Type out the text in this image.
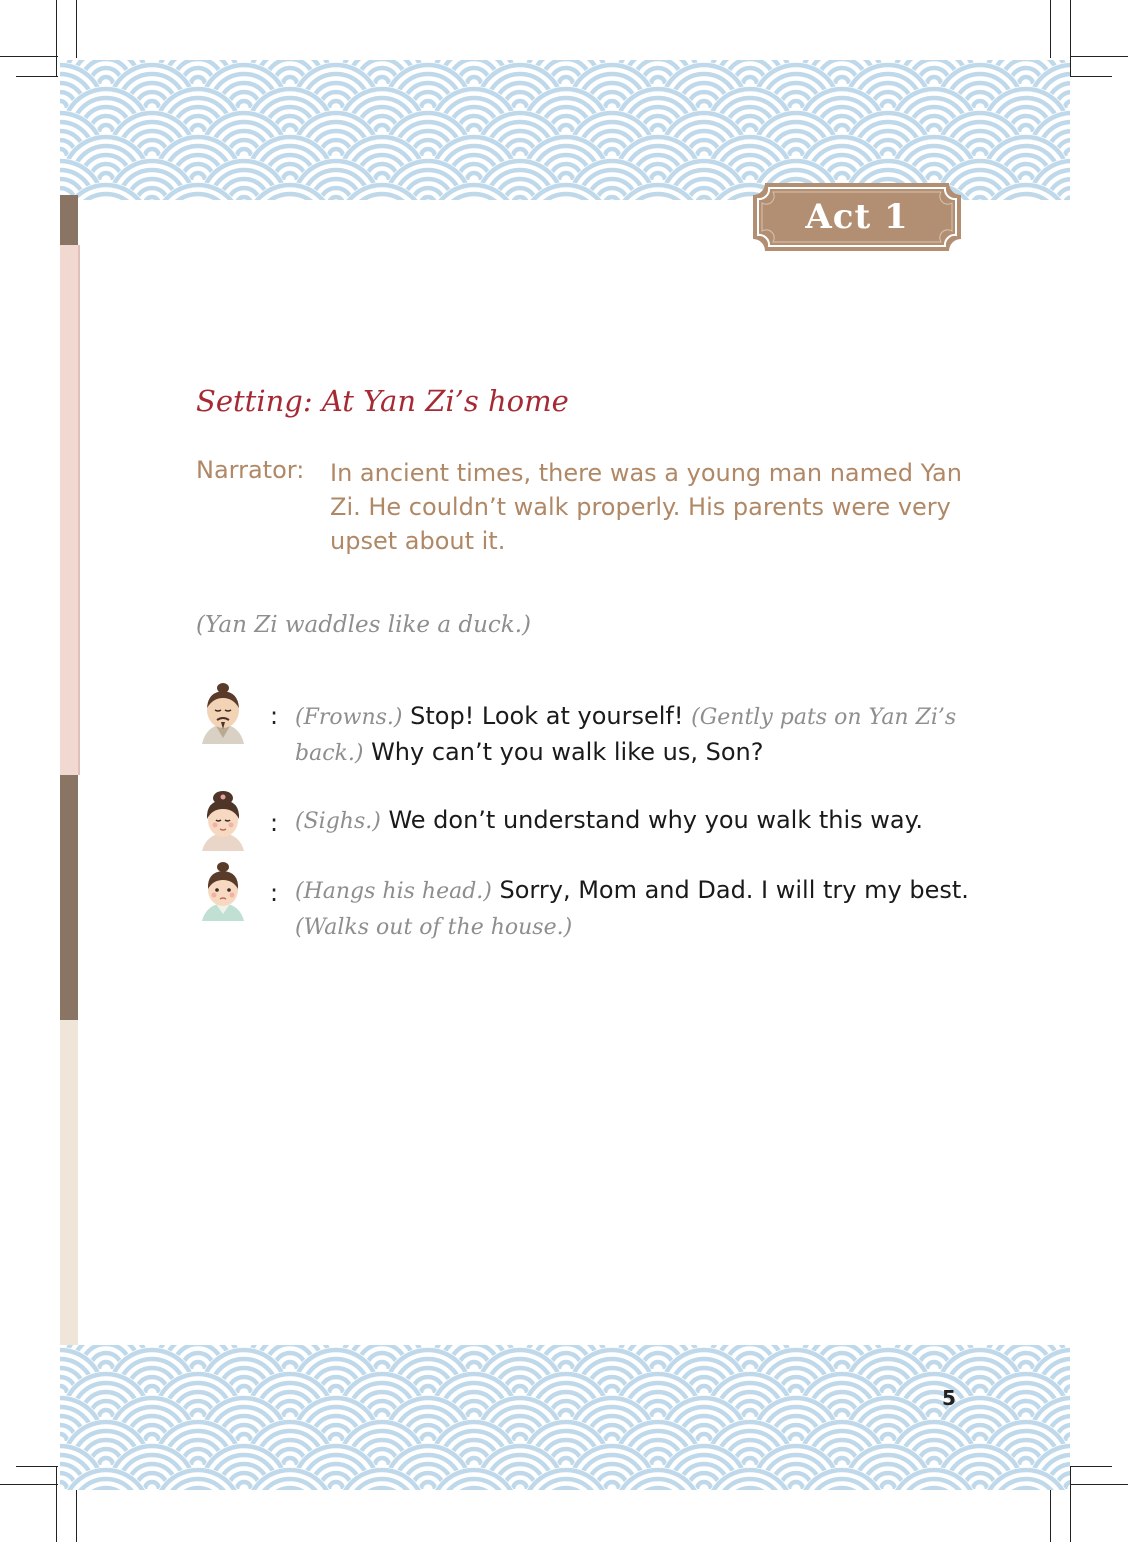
Act 1
Setting: At Yan Zi’s home
Narrator: In ancient times, there was a young man named Yan Zi. He couldn’t walk properly. His parents were very upset about it.
(Yan Zi waddles like a duck.)
: (Frowns.) Stop! Look at yourself! (Gently pats on Yan Zi’s back.) Why can’t you walk like us, Son?
: (Sighs.) We don’t understand why you walk this way.
: (Hangs his head.) Sorry, Mom and Dad. I will try my best.
(Walks out of the house.)
5
